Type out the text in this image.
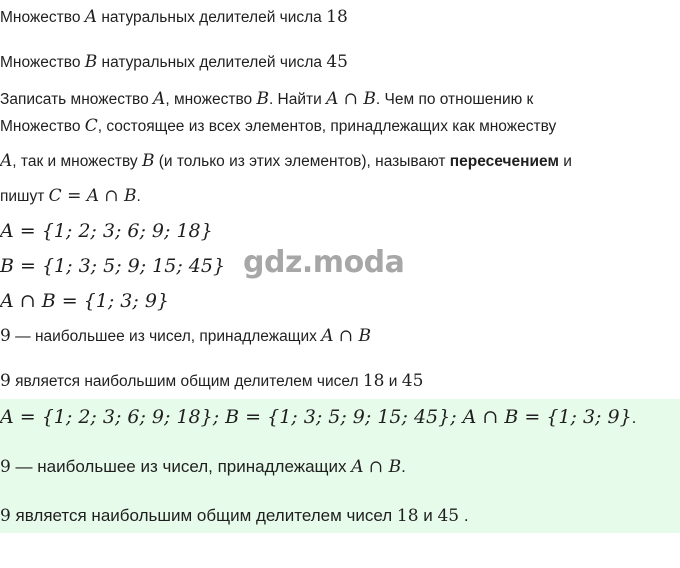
Множество A натуральных делителей числа 18
Множество B натуральных делителей числа 45
Записать множество A, множество B. Найти A ∩ B. Чем по отношению к
Множество C, состоящее из всех элементов, принадлежащих как множеству
A, так и множеству B (и только из этих элементов), называют пересечением и
пишут C = A ∩ B.
A = {1; 2; 3; 6; 9; 18}
B = {1; 3; 5; 9; 15; 45}
A ∩ B = {1; 3; 9}
9 — наибольшее из чисел, принадлежащих A ∩ B
9 является наибольшим общим делителем чисел 18 и 45
gdz.moda
A = {1; 2; 3; 6; 9; 18}; B = {1; 3; 5; 9; 15; 45}; A ∩ B = {1; 3; 9}.
9 — наибольшее из чисел, принадлежащих A ∩ B.
9 является наибольшим общим делителем чисел 18 и 45 .
